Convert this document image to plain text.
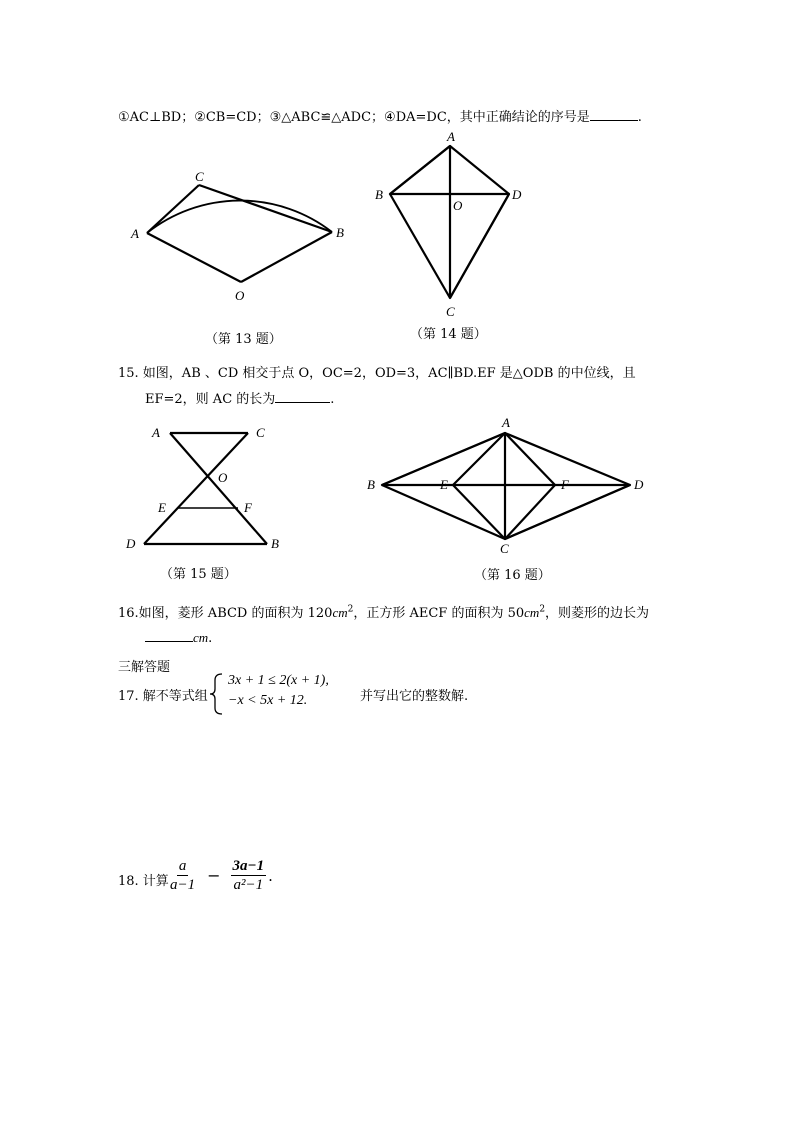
①AC⊥BD；②CB=CD；③△ABC≌△ADC；④DA=DC，其中正确结论的序号是	.
C
A	B
O
（第 13 题）
A
B	D
O
C
（第 14 题）
15. 如图，AB 、CD 相交于点 O，OC=2，OD=3，AC∥BD.EF 是△ODB 的中位线，且
EF=2，则 AC 的长为	.
A	C
O
E	F
D	B
（第 15 题）
A
B	E	F	D
C
（第 16 题）
16.如图，菱形 ABCD 的面积为 $120cm^2$，正方形 AECF 的面积为 $50cm^2$，则菱形的边长为
cm.
三解答题
17. 解不等式组
3x + 1 ≤ 2(x + 1),
−x < 5x + 12.	并写出它的整数解.
18. 计算 $\frac{a}{a-1} - \frac{3a-1}{\text{a²−1}}$ .
